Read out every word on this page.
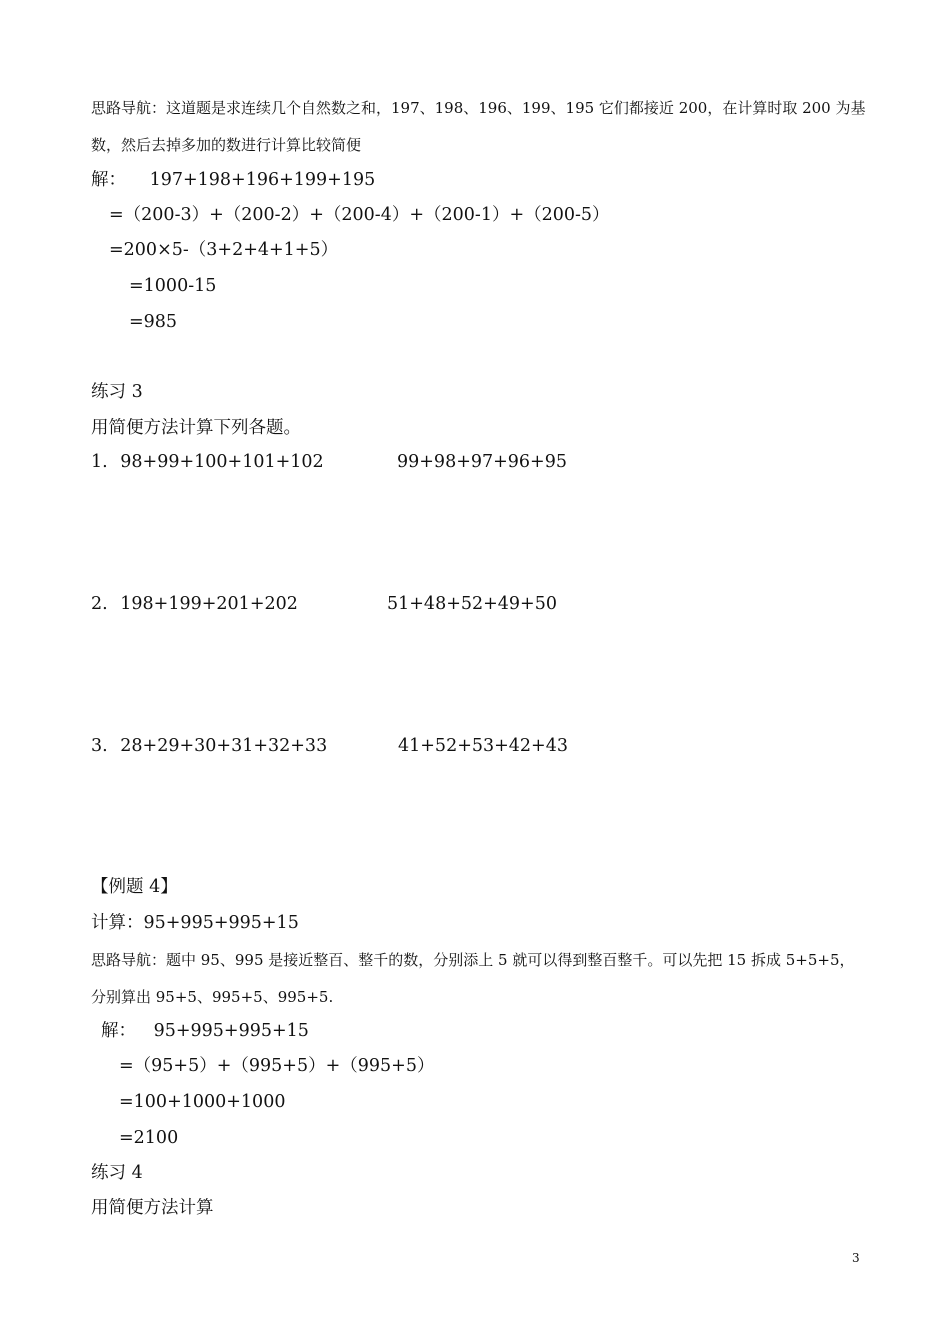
思路导航：这道题是求连续几个自然数之和，197、198、196、199、195 它们都接近 200，在计算时取 200 为基
数，然后去掉多加的数进行计算比较简便
解： 197+198+196+199+195
=（200-3）+（200-2）+（200-4）+（200-1）+（200-5）
=200×5-（3+2+4+1+5）
=1000-15
=985
练习 3
用简便方法计算下列各题。
1. 98+99+100+101+102	99+98+97+96+95
2. 198+199+201+202	51+48+52+49+50
3. 28+29+30+31+32+33	41+52+53+42+43
【例题 4】
计算：95+995+995+15
思路导航：题中 95、995 是接近整百、整千的数，分别添上 5 就可以得到整百整千。可以先把 15 拆成 5+5+5，
分别算出 95+5、995+5、995+5.
解： 95+995+995+15
=（95+5）+（995+5）+（995+5）
=100+1000+1000
=2100
练习 4
用简便方法计算
3
